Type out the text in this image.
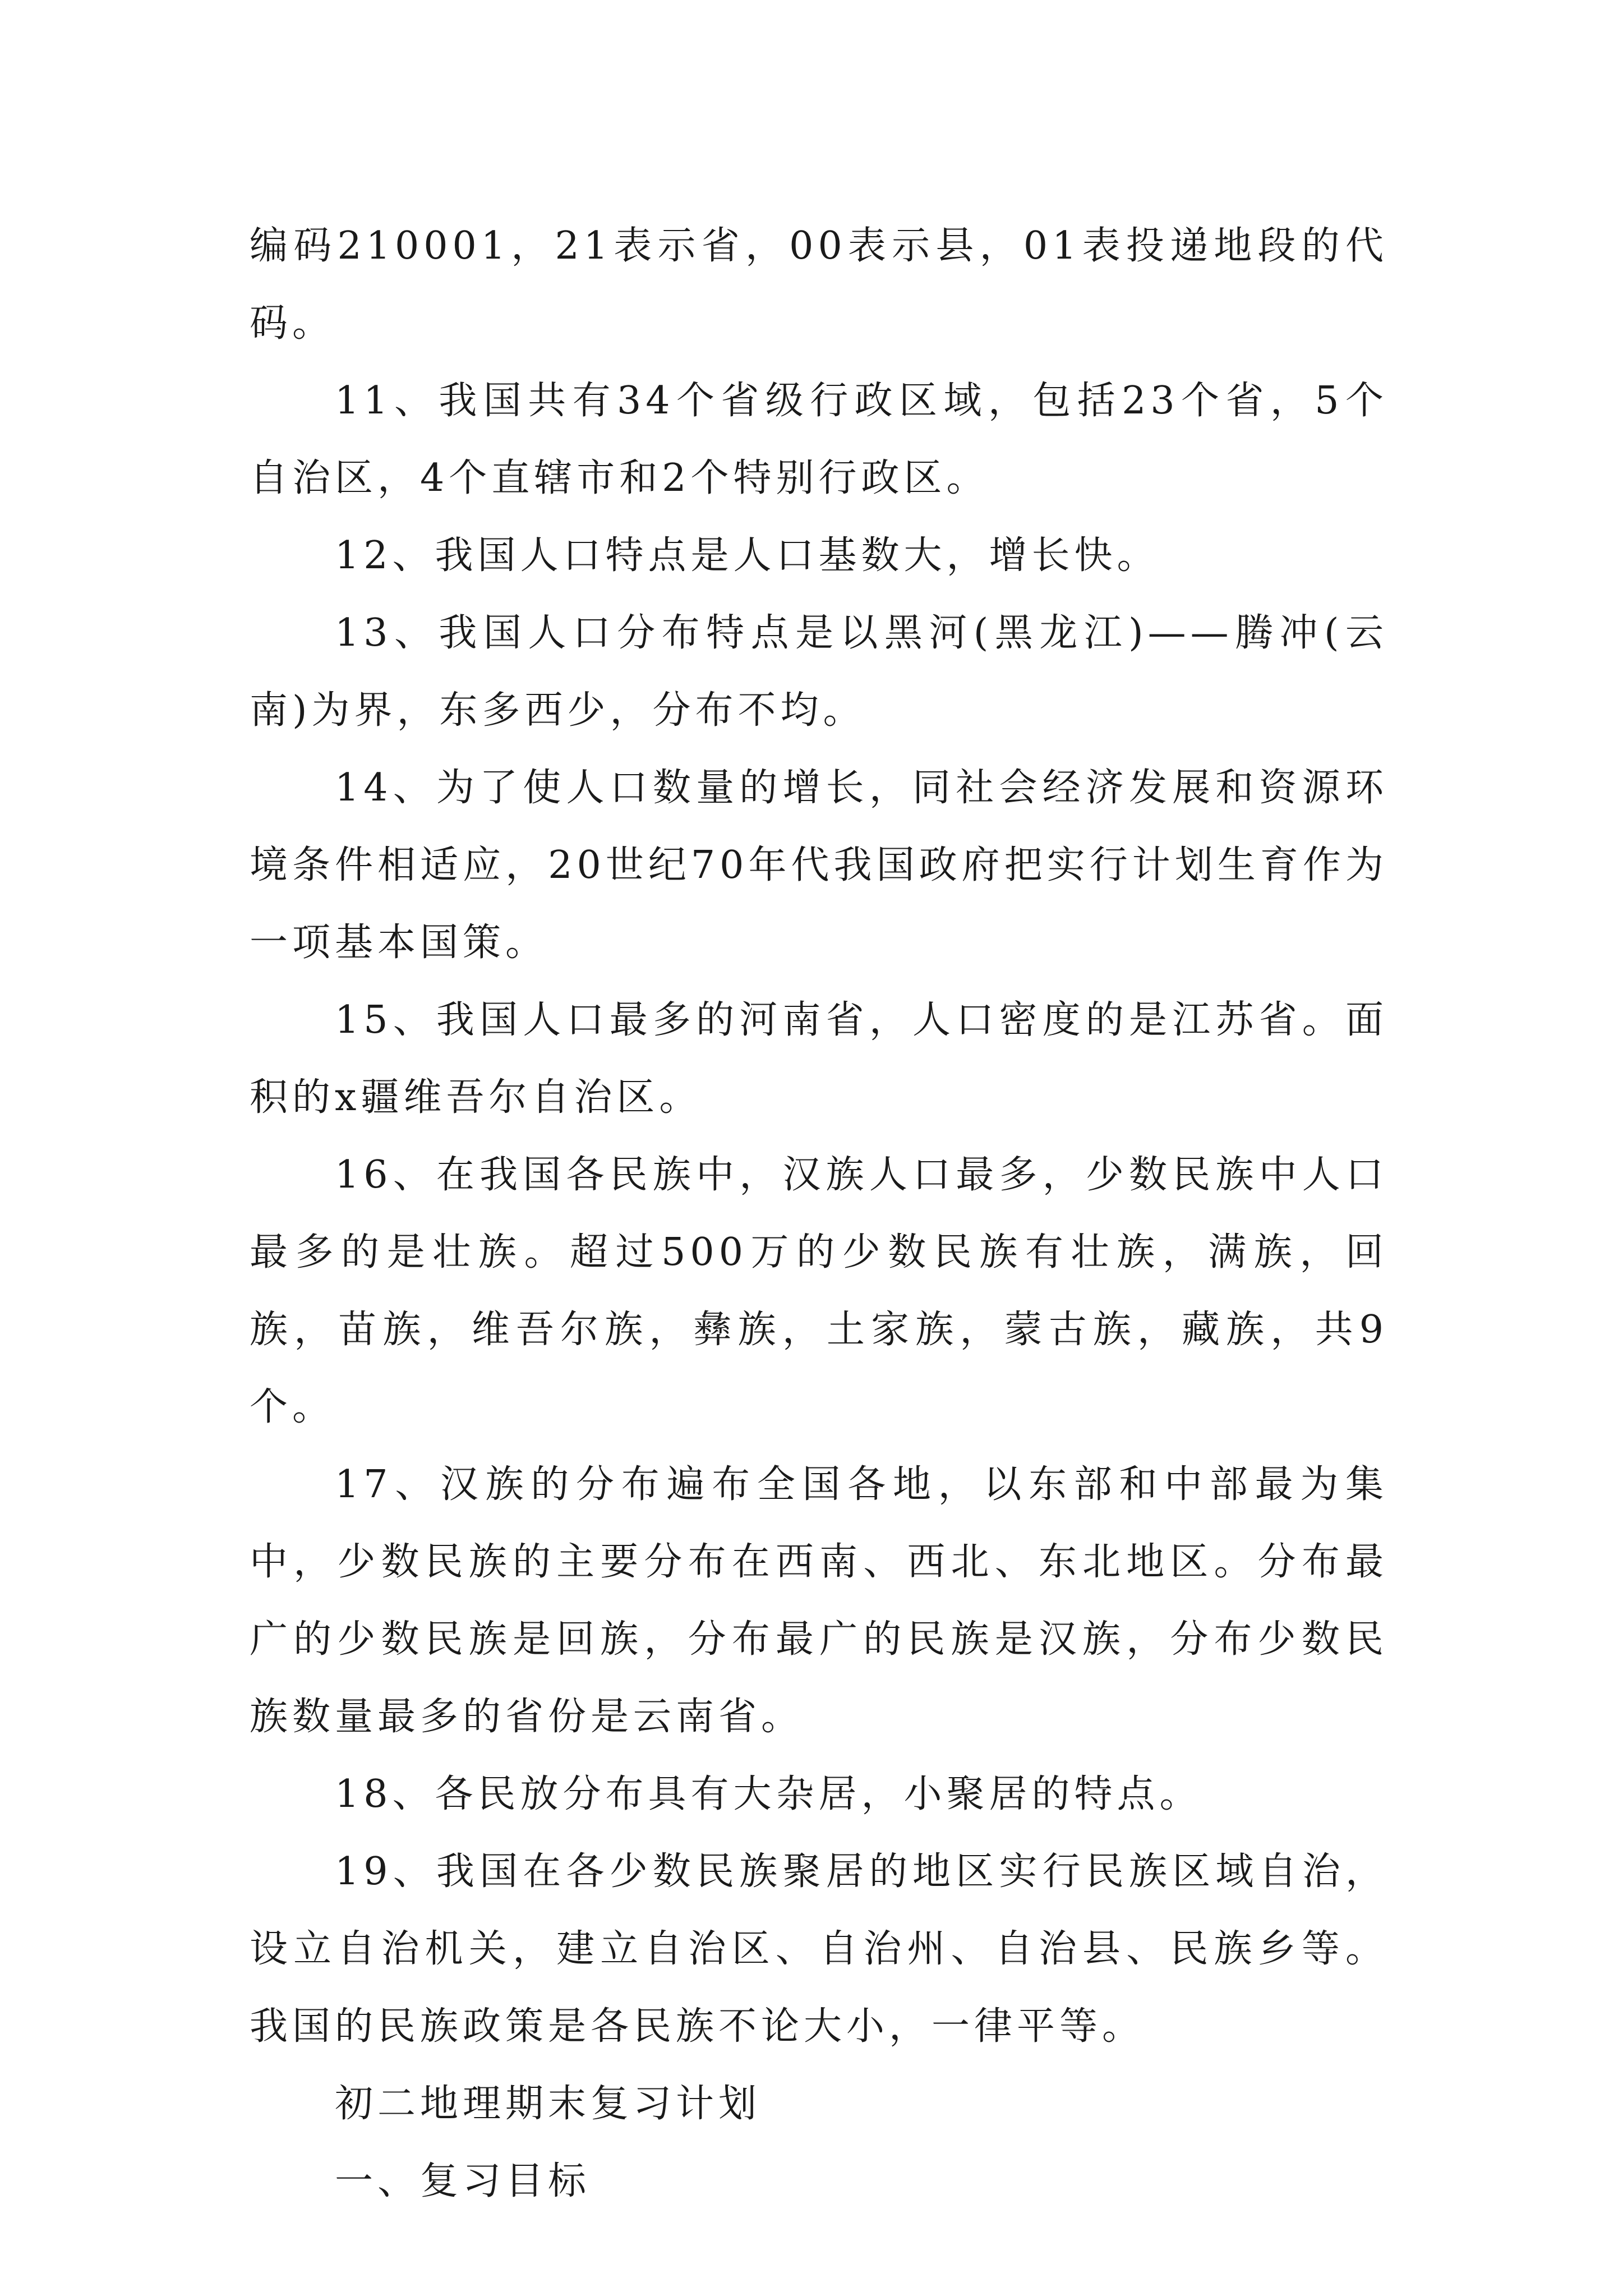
编码210001，21表示省，00表示县，01表投递地段的代码。

11、我国共有34个省级行政区域，包括23个省，5个自治区，4个直辖市和2个特别行政区。

12、我国人口特点是人口基数大，增长快。

13、我国人口分布特点是以黑河(黑龙江)——腾冲(云南)为界，东多西少，分布不均。

14、为了使人口数量的增长，同社会经济发展和资源环境条件相适应，20世纪70年代我国政府把实行计划生育作为一项基本国策。

15、我国人口最多的河南省，人口密度的是江苏省。面积的x疆维吾尔自治区。

16、在我国各民族中，汉族人口最多，少数民族中人口最多的是壮族。超过500万的少数民族有壮族，满族，回族，苗族，维吾尔族，彝族，土家族，蒙古族，藏族，共9个。

17、汉族的分布遍布全国各地，以东部和中部最为集中，少数民族的主要分布在西南、西北、东北地区。分布最广的少数民族是回族，分布最广的民族是汉族，分布少数民族数量最多的省份是云南省。

18、各民放分布具有大杂居，小聚居的特点。

19、我国在各少数民族聚居的地区实行民族区域自治，设立自治机关，建立自治区、自治州、自治县、民族乡等。我国的民族政策是各民族不论大小，一律平等。

初二地理期末复习计划

一、复习目标
